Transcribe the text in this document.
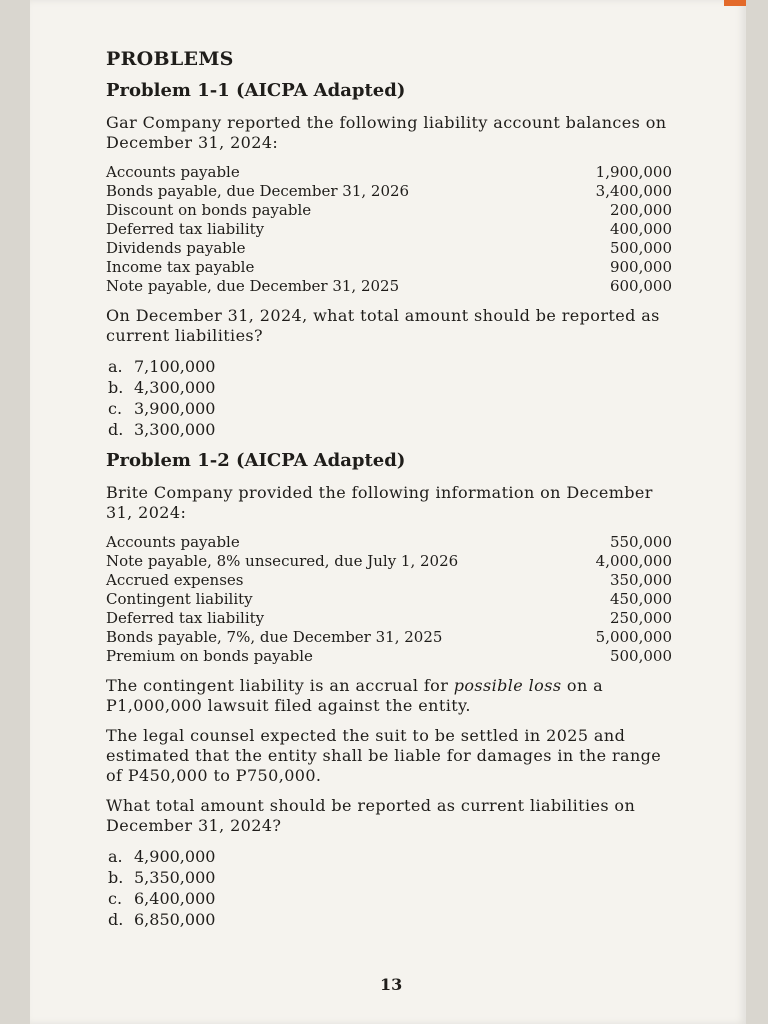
PROBLEMS
Problem 1-1 (AICPA Adapted)

Gar Company reported the following liability account balances on December 31, 2024:

Accounts payable	1,900,000
Bonds payable, due December 31, 2026	3,400,000
Discount on bonds payable	200,000
Deferred tax liability	400,000
Dividends payable	500,000
Income tax payable	900,000
Note payable, due December 31, 2025	600,000

On December 31, 2024, what total amount should be reported as current liabilities?

a. 7,100,000
b. 4,300,000
c. 3,900,000
d. 3,300,000
Problem 1-2 (AICPA Adapted)

Brite Company provided the following information on December 31, 2024:

Accounts payable	550,000
Note payable, 8% unsecured, due July 1, 2026	4,000,000
Accrued expenses	350,000
Contingent liability	450,000
Deferred tax liability	250,000
Bonds payable, 7%, due December 31, 2025	5,000,000
Premium on bonds payable	500,000

The contingent liability is an accrual for possible loss on a P1,000,000 lawsuit filed against the entity.

The legal counsel expected the suit to be settled in 2025 and estimated that the entity shall be liable for damages in the range of P450,000 to P750,000.

What total amount should be reported as current liabilities on December 31, 2024?

a. 4,900,000
b. 5,350,000
c. 6,400,000
d. 6,850,000
13
